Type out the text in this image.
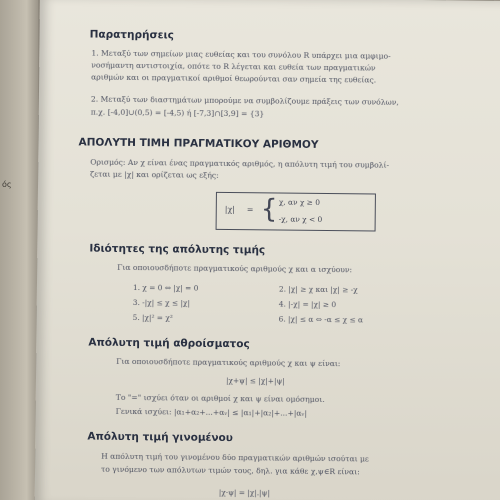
ός
Παρατηρήσεις
1. Μεταξύ των σημείων μιας ευθείας και του συνόλου R υπάρχει μια αμφιμο-
νοσήμαντη αντιστοιχία, οπότε το R λέγεται και ευθεία των πραγματικών
αριθμών και οι πραγματικοί αριθμοί θεωρούνται σαν σημεία της ευθείας.
2. Μεταξύ των διαστημάτων μπορούμε να συμβολίζουμε πράξεις των συνόλων,
π.χ. [-4,0]∪(0,5) = [-4,5) ή [-7,3]∩[3,9] = {3}
ΑΠΟΛΥΤΗ ΤΙΜΗ ΠΡΑΓΜΑΤΙΚΟΥ ΑΡΙΘΜΟΥ
Ορισμός: Αν χ είναι ένας πραγματικός αριθμός, η απόλυτη τιμή του συμβολί-
ζεται με |χ| και ορίζεται ως εξής:
|χ| = { χ, αν χ ≥ 0
-χ, αν χ < 0
Ιδιότητες της απόλυτης τιμής
Για οποιουσδήποτε πραγματικούς αριθμούς χ και α ισχύουν:
1. χ = 0 ⇔ |χ| = 0	2. |χ| ≥ χ και |χ| ≥ -χ
3. -|χ| ≤ χ ≤ |χ|	4. |-χ| = |χ| ≥ 0
5. |χ|² = χ²	6. |χ| ≤ α ⇔ -α ≤ χ ≤ α
Απόλυτη τιμή αθροίσματος
Για οποιουσδήποτε πραγματικούς αριθμούς χ και ψ είναι:
|χ+ψ| ≤ |χ|+|ψ|
Το "=" ισχύει όταν οι αριθμοί χ και ψ είναι ομόσημοι.
Γενικά ισχύει: |α₁+α₂+...+αᵥ| ≤ |α₁|+|α₂|+...+|αᵥ|
Απόλυτη τιμή γινομένου
Η απόλυτη τιμή του γινομένου δύο πραγματικών αριθμών ισούται με
το γινόμενο των απόλυτων τιμών τους, δηλ. για κάθε χ,ψ∈R είναι:
|χ·ψ| = |χ|.|ψ|
